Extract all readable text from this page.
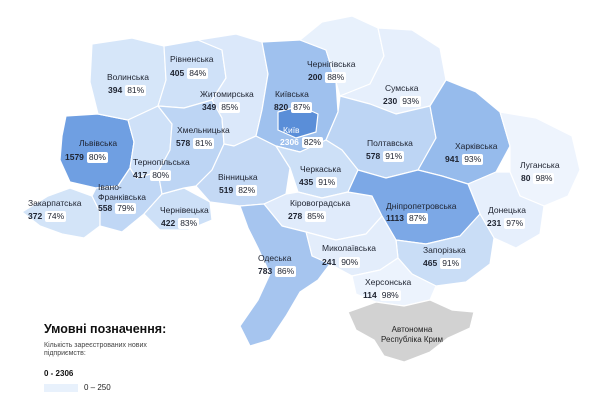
Рівненська
405 84%
Волинська
394 81%	Житомирська
349 85%
Київська
820 87%
Чернігівська
200 88%
Сумська
230 93%
Львівська
1579 80%
Хмельницька
578 81%
Київ
2306 82%	Полтавська
578 91%
Харківська
941 93%
Тернопільська
417 80%	Вінницька
519 82%
Черкаська
435 91%
Луганська
80 98%
Івано-Франківська
558 79%	Чернівецька
422 83%
Кіровоградська
278 85%
Дніпропетровська
1113 87%
Донецька
231 97%
Закарпатська
372 74%
Одеська
783 86%
Миколаївська
241 90%
Запорізька
465 91%
Херсонська
114 98%
Автономна Республіка Крим
Умовні позначення:
Кількість зареєстрованих нових підприємств:
0 - 2306
0 – 250
